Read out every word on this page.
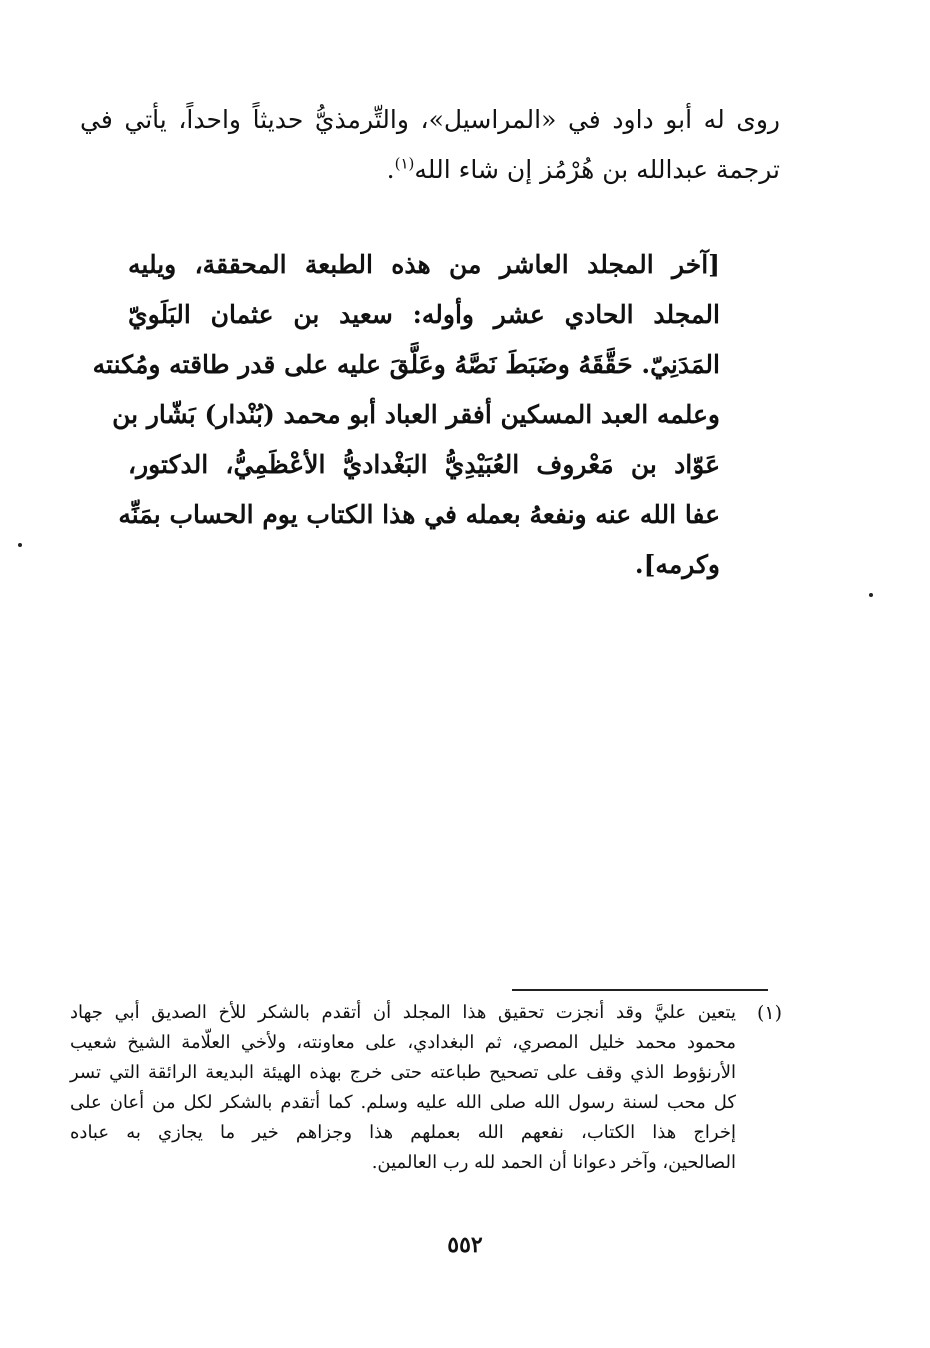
روى له أبو داود في «المراسيل»، والتِّرمذيُّ حديثاً واحداً، يأتي في
ترجمة عبدالله بن هُرْمُز إن شاء الله$^{(١)}$.
[آخر المجلد العاشر من هذه الطبعة المحققة، ويليه
المجلد الحادي عشر وأوله: سعيد بن عثمان البَلَويّ
المَدَنِيّ. حَقَّقَهُ وضَبَطَ نَصَّهُ وعَلَّقَ عليه على قدر طاقته ومُكنته
وعلمه العبد المسكين أفقر العباد أبو محمد (بُنْدار) بَشّار بن
عَوّاد بن مَعْروف العُبَيْدِيُّ البَغْداديُّ الأعْظَمِيُّ، الدكتور،
عفا الله عنه ونفعهُ بعمله في هذا الكتاب يوم الحساب بمَنِّه
وكرمه].
(١)
يتعين عليَّ وقد أنجزت تحقيق هذا المجلد أن أتقدم بالشكر للأخ الصديق أبي جهاد
محمود محمد خليل المصري، ثم البغدادي، على معاونته، ولأخي العلّامة الشيخ شعيب
الأرنؤوط الذي وقف على تصحيح طباعته حتى خرج بهذه الهيئة البديعة الرائقة التي تسر
كل محب لسنة رسول الله صلى الله عليه وسلم. كما أتقدم بالشكر لكل من أعان على
إخراج هذا الكتاب، نفعهم الله بعملهم هذا وجزاهم خير ما يجازي به عباده
الصالحين، وآخر دعوانا أن الحمد لله رب العالمين.
٥٥٢
